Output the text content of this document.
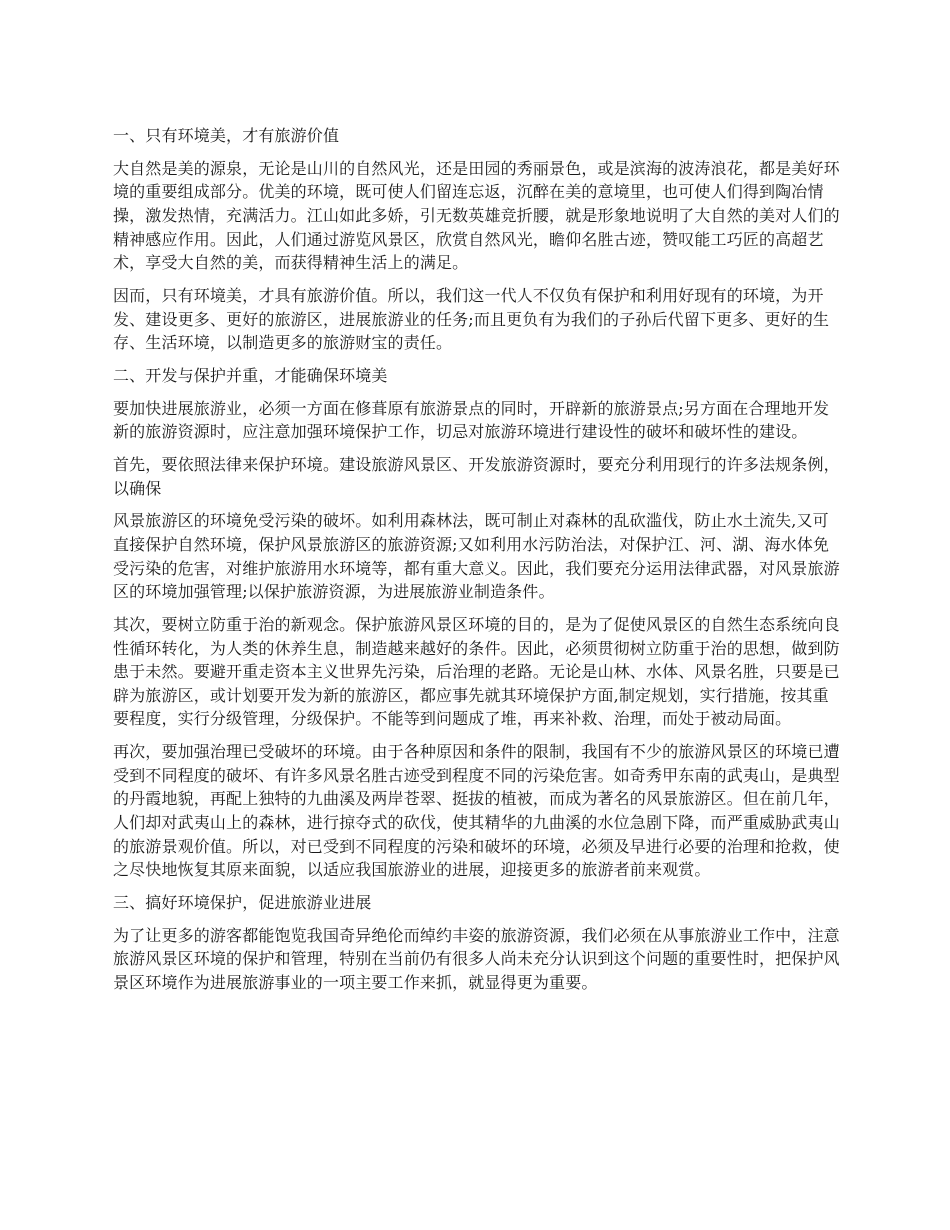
一、只有环境美，才有旅游价值
大自然是美的源泉，无论是山川的自然风光，还是田园的秀丽景色，或是滨海的波涛浪花，都是美好环境的重要组成部分。优美的环境，既可使人们留连忘返，沉醉在美的意境里，也可使人们得到陶冶情操，激发热情，充满活力。江山如此多娇，引无数英雄竞折腰，就是形象地说明了大自然的美对人们的精神感应作用。因此，人们通过游览风景区，欣赏自然风光，瞻仰名胜古迹，赞叹能工巧匠的高超艺术，享受大自然的美，而获得精神生活上的满足。
因而，只有环境美，才具有旅游价值。所以，我们这一代人不仅负有保护和利用好现有的环境，为开发、建设更多、更好的旅游区，进展旅游业的任务;而且更负有为我们的子孙后代留下更多、更好的生存、生活环境，以制造更多的旅游财宝的责任。
二、开发与保护并重，才能确保环境美
要加快进展旅游业，必须一方面在修葺原有旅游景点的同时，开辟新的旅游景点;另方面在合理地开发新的旅游资源时，应注意加强环境保护工作，切忌对旅游环境进行建设性的破坏和破坏性的建设。
首先，要依照法律来保护环境。建设旅游风景区、开发旅游资源时，要充分利用现行的许多法规条例，以确保
风景旅游区的环境免受污染的破坏。如利用森林法，既可制止对森林的乱砍滥伐，防止水土流失,又可直接保护自然环境，保护风景旅游区的旅游资源;又如利用水污防治法，对保护江、河、湖、海水体免受污染的危害，对维护旅游用水环境等，都有重大意义。因此，我们要充分运用法律武器，对风景旅游区的环境加强管理;以保护旅游资源，为进展旅游业制造条件。
其次，要树立防重于治的新观念。保护旅游风景区环境的目的，是为了促使风景区的自然生态系统向良性循环转化，为人类的休养生息，制造越来越好的条件。因此，必须贯彻树立防重于治的思想，做到防患于未然。要避开重走资本主义世界先污染，后治理的老路。无论是山林、水体、风景名胜，只要是已辟为旅游区，或计划要开发为新的旅游区，都应事先就其环境保护方面,制定规划，实行措施，按其重要程度，实行分级管理，分级保护。不能等到问题成了堆，再来补救、治理，而处于被动局面。
再次，要加强治理已受破坏的环境。由于各种原因和条件的限制，我国有不少的旅游风景区的环境已遭受到不同程度的破坏、有许多风景名胜古迹受到程度不同的污染危害。如奇秀甲东南的武夷山，是典型的丹霞地貌，再配上独特的九曲溪及两岸苍翠、挺拔的植被，而成为著名的风景旅游区。但在前几年，人们却对武夷山上的森林，进行掠夺式的砍伐，使其精华的九曲溪的水位急剧下降，而严重威胁武夷山的旅游景观价值。所以，对已受到不同程度的污染和破坏的环境，必须及早进行必要的治理和抢救，使之尽快地恢复其原来面貌，以适应我国旅游业的进展，迎接更多的旅游者前来观赏。
三、搞好环境保护，促进旅游业进展
为了让更多的游客都能饱览我国奇异绝伦而绰约丰姿的旅游资源，我们必须在从事旅游业工作中，注意旅游风景区环境的保护和管理，特别在当前仍有很多人尚未充分认识到这个问题的重要性时，把保护风景区环境作为进展旅游事业的一项主要工作来抓，就显得更为重要。
